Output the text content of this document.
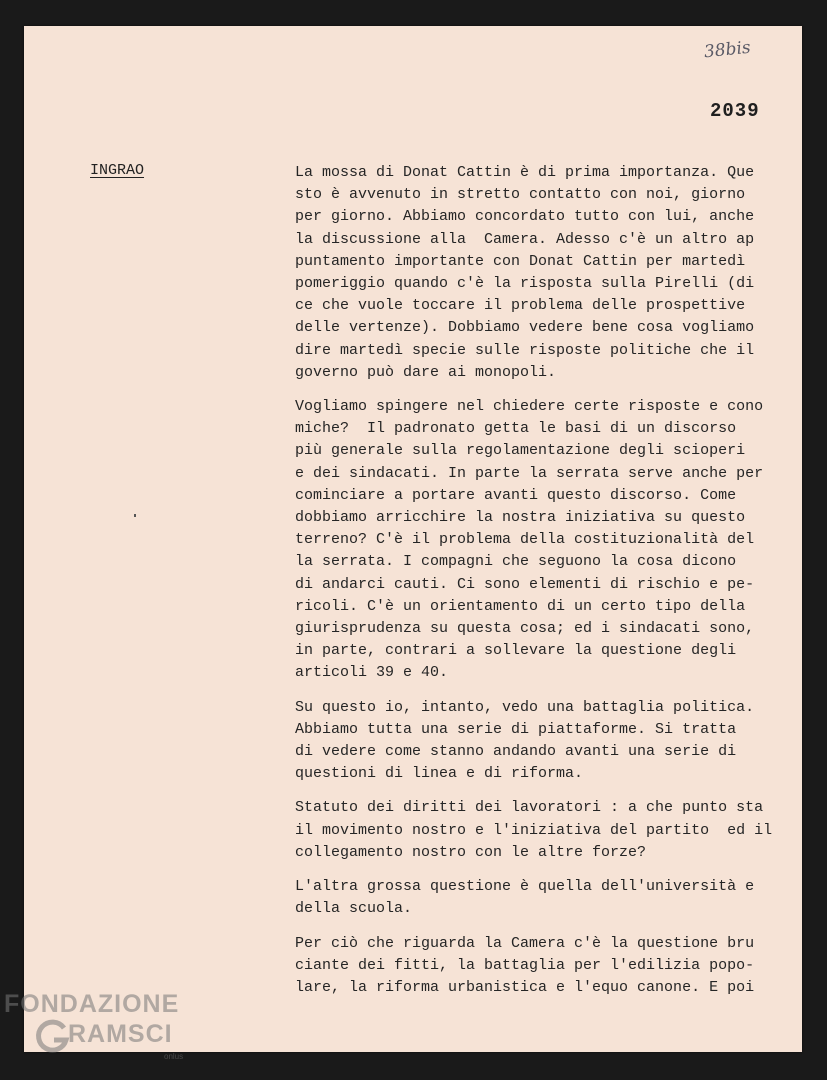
38bis
2039
INGRAO	La mossa di Donat Cattin è di prima importanza. Que
sto è avvenuto in stretto contatto con noi, giorno
per giorno. Abbiamo concordato tutto con lui, anche
la discussione alla  Camera. Adesso c'è un altro ap
puntamento importante con Donat Cattin per martedì
pomeriggio quando c'è la risposta sulla Pirelli (di
ce che vuole toccare il problema delle prospettive
delle vertenze). Dobbiamo vedere bene cosa vogliamo
dire martedì specie sulle risposte politiche che il
governo può dare ai monopoli.

Vogliamo spingere nel chiedere certe risposte e cono
miche?  Il padronato getta le basi di un discorso
più generale sulla regolamentazione degli scioperi
e dei sindacati. In parte la serrata serve anche per
cominciare a portare avanti questo discorso. Come
dobbiamo arricchire la nostra iniziativa su questo
terreno? C'è il problema della costituzionalità del
la serrata. I compagni che seguono la cosa dicono
di andarci cauti. Ci sono elementi di rischio e pe-
ricoli. C'è un orientamento di un certo tipo della
giurisprudenza su questa cosa; ed i sindacati sono,
in parte, contrari a sollevare la questione degli
articoli 39 e 40.

Su questo io, intanto, vedo una battaglia politica.
Abbiamo tutta una serie di piattaforme. Si tratta
di vedere come stanno andando avanti una serie di
questioni di linea e di riforma.

Statuto dei diritti dei lavoratori : a che punto sta
il movimento nostro e l'iniziativa del partito  ed il
collegamento nostro con le altre forze?

L'altra grossa questione è quella dell'università e
della scuola.

Per ciò che riguarda la Camera c'è la questione bru
ciante dei fitti, la battaglia per l'edilizia popo-
lare, la riforma urbanistica e l'equo canone. E poi

FONDAZIONE
RAMSCI
onlus
